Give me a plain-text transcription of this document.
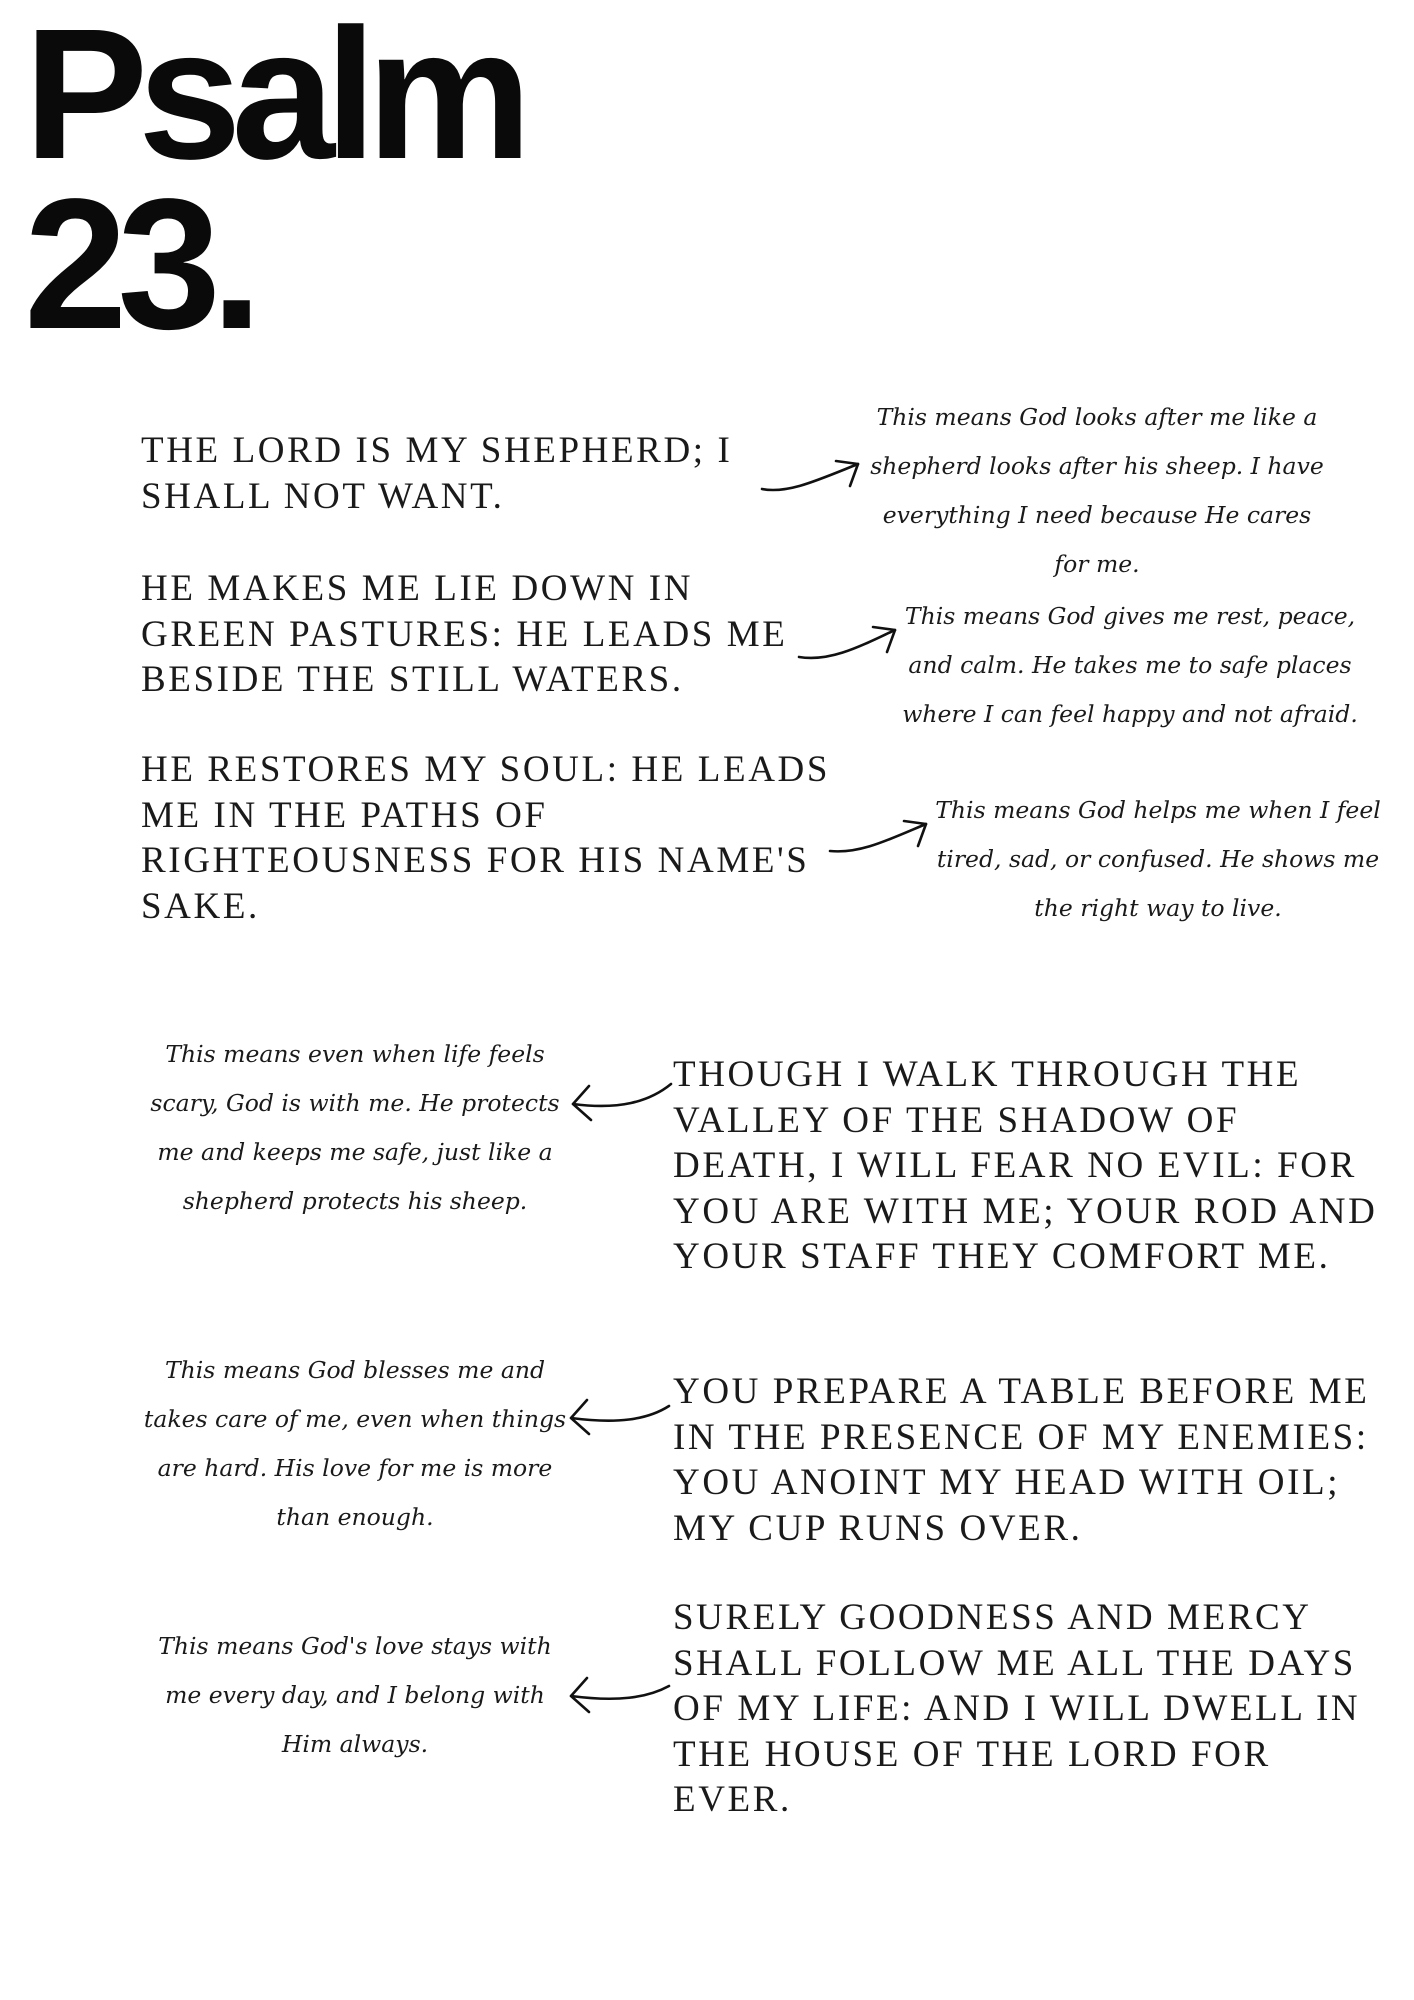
Psalm
23.

THE LORD IS MY SHEPHERD; I SHALL NOT WANT.

This means God looks after me like a shepherd looks after his sheep. I have everything I need because He cares for me.

HE MAKES ME LIE DOWN IN GREEN PASTURES: HE LEADS ME BESIDE THE STILL WATERS.

This means God gives me rest, peace, and calm. He takes me to safe places where I can feel happy and not afraid.

HE RESTORES MY SOUL: HE LEADS ME IN THE PATHS OF RIGHTEOUSNESS FOR HIS NAME'S SAKE.

This means God helps me when I feel tired, sad, or confused. He shows me the right way to live.

This means even when life feels scary, God is with me. He protects me and keeps me safe, just like a shepherd protects his sheep.

THOUGH I WALK THROUGH THE VALLEY OF THE SHADOW OF DEATH, I WILL FEAR NO EVIL: FOR YOU ARE WITH ME; YOUR ROD AND YOUR STAFF THEY COMFORT ME.

This means God blesses me and takes care of me, even when things are hard. His love for me is more than enough.

YOU PREPARE A TABLE BEFORE ME IN THE PRESENCE OF MY ENEMIES: YOU ANOINT MY HEAD WITH OIL; MY CUP RUNS OVER.

This means God's love stays with me every day, and I belong with Him always.

SURELY GOODNESS AND MERCY SHALL FOLLOW ME ALL THE DAYS OF MY LIFE: AND I WILL DWELL IN THE HOUSE OF THE LORD FOR EVER.
